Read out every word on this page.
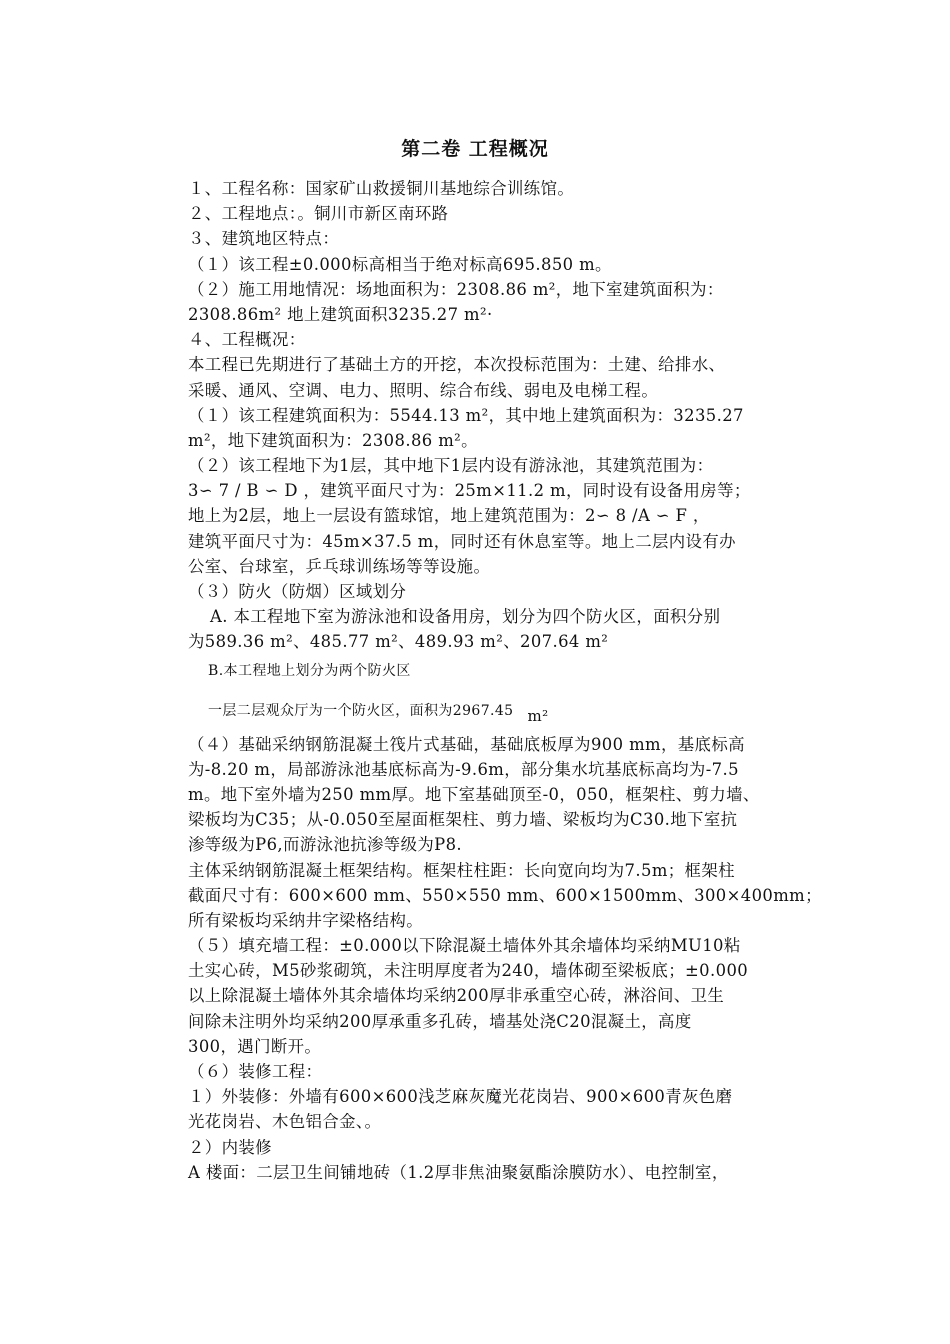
第二卷 工程概况
１、工程名称：国家矿山救援铜川基地综合训练馆。
２、工程地点：。铜川市新区南环路
３、建筑地区特点：
（１）该工程±0.000标高相当于绝对标高695.850 m。
（２）施工用地情况：场地面积为：2308.86 m²，地下室建筑面积为：
2308.86m² 地上建筑面积3235.27 m²·
４、工程概况：
本工程已先期进行了基础土方的开挖，本次投标范围为：土建、给排水、
采暖、通风、空调、电力、照明、综合布线、弱电及电梯工程。
（１）该工程建筑面积为：5544.13 m²，其中地上建筑面积为：3235.27
m²，地下建筑面积为：2308.86 m²。
（２）该工程地下为1层，其中地下1层内设有游泳池，其建筑范围为：
3∽ 7 / B ∽ D ，建筑平面尺寸为：25m×11.2 m，同时设有设备用房等；
地上为2层，地上一层设有篮球馆，地上建筑范围为：2∽ 8 /A ∽ F ，
建筑平面尺寸为：45m×37.5 m，同时还有休息室等。地上二层内设有办
公室、台球室，乒乓球训练场等等设施。
（３）防火（防烟）区域划分
A. 本工程地下室为游泳池和设备用房，划分为四个防火区，面积分别
为589.36 m²、485.77 m²、489.93 m²、207.64 m²
B.本工程地上划分为两个防火区
一层二层观众厅为一个防火区，面积为2967.45 m²
（４）基础采纳钢筋混凝土筏片式基础，基础底板厚为900 mm，基底标高
为-8.20 m，局部游泳池基底标高为-9.6m，部分集水坑基底标高均为-7.5
m。地下室外墙为250 mm厚。地下室基础顶至-0，050，框架柱、剪力墙、
梁板均为C35；从-0.050至屋面框架柱、剪力墙、梁板均为C30.地下室抗
渗等级为P6,而游泳池抗渗等级为P8.
主体采纳钢筋混凝土框架结构。框架柱柱距：长向宽向均为7.5m；框架柱
截面尺寸有：600×600 mm、550×550 mm、600×1500mm、300×400mm；
所有梁板均采纳井字梁格结构。
（５）填充墙工程：±0.000以下除混凝土墙体外其余墙体均采纳MU10粘
土实心砖，M5砂浆砌筑，未注明厚度者为240，墙体砌至梁板底；±0.000
以上除混凝土墙体外其余墙体均采纳200厚非承重空心砖，淋浴间、卫生
间除未注明外均采纳200厚承重多孔砖，墙基处浇C20混凝土，高度
300，遇门断开。
（６）装修工程：
１）外装修：外墙有600×600浅芝麻灰魔光花岗岩、900×600青灰色磨
光花岗岩、木色铝合金、。
２）内装修
A 楼面：二层卫生间铺地砖（1.2厚非焦油聚氨酯涂膜防水）、电控制室，
